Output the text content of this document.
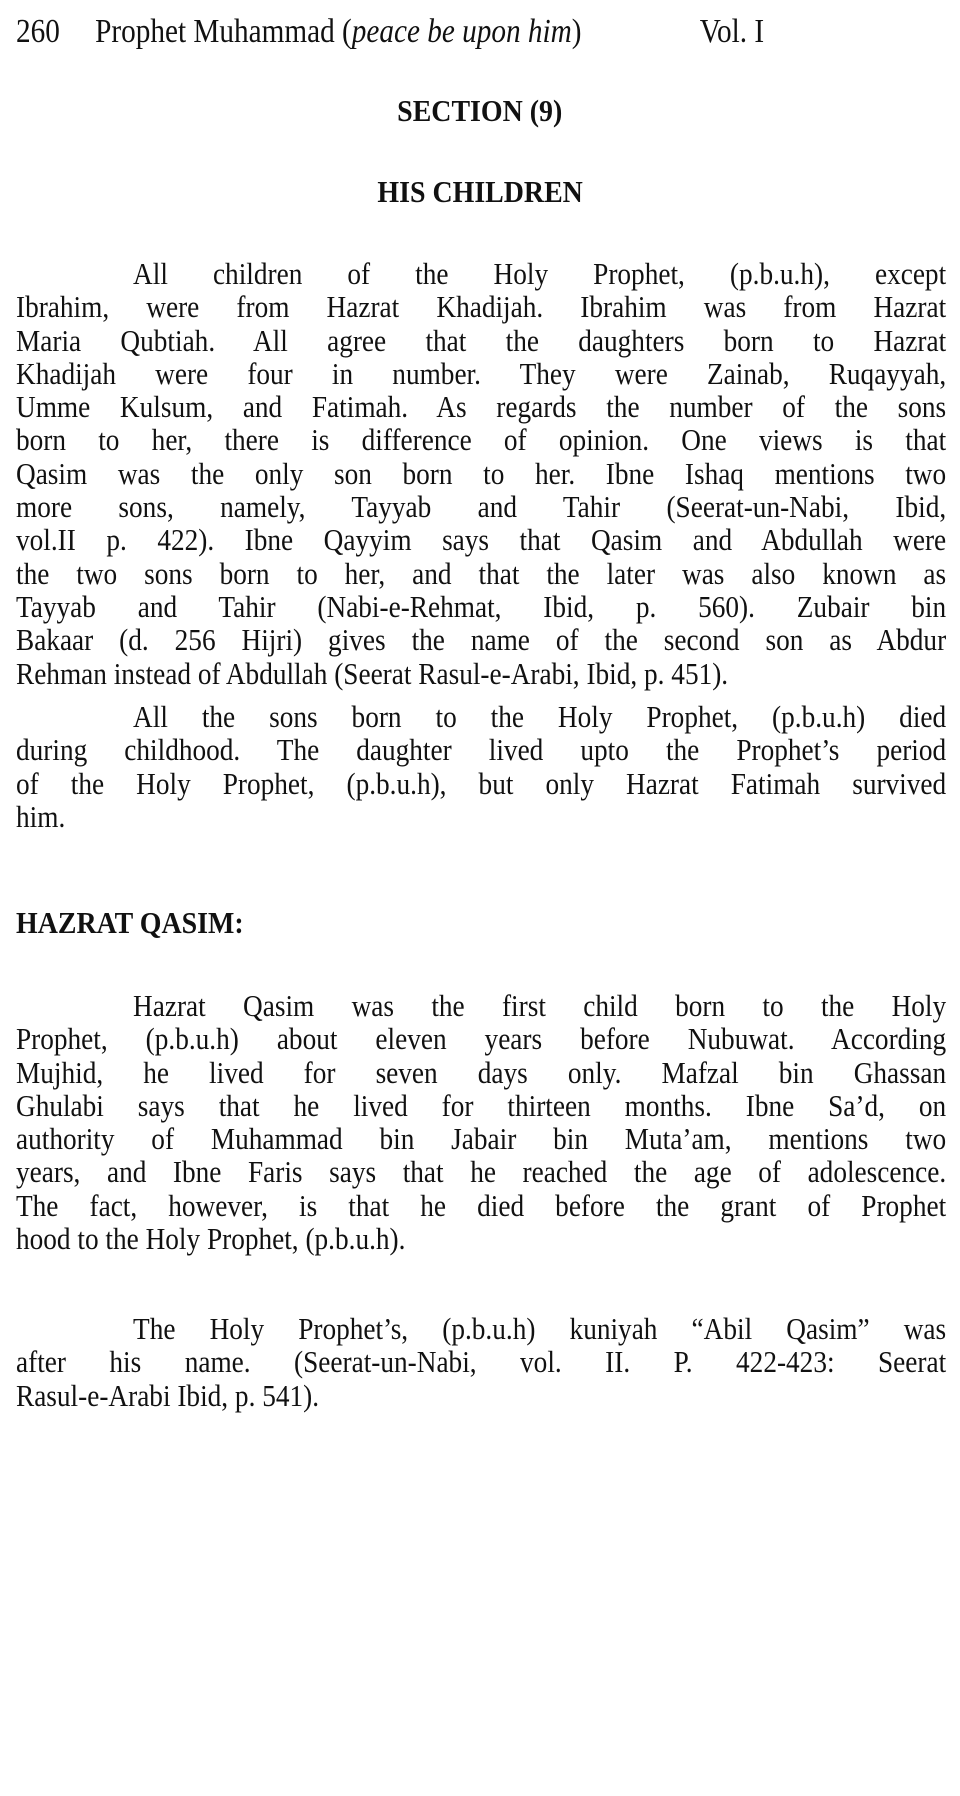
260 Prophet Muhammad (peace be upon him)	Vol. I
SECTION (9)
HIS CHILDREN
All children of the Holy Prophet, (p.b.u.h), except
Ibrahim, were from Hazrat Khadijah. Ibrahim was from Hazrat
Maria Qubtiah. All agree that the daughters born to Hazrat
Khadijah were four in number. They were Zainab, Ruqayyah,
Umme Kulsum, and Fatimah. As regards the number of the sons
born to her, there is difference of opinion. One views is that
Qasim was the only son born to her. Ibne Ishaq mentions two
more sons, namely, Tayyab and Tahir (Seerat-un-Nabi, Ibid,
vol.II p. 422). Ibne Qayyim says that Qasim and Abdullah were
the two sons born to her, and that the later was also known as
Tayyab and Tahir (Nabi-e-Rehmat, Ibid, p. 560). Zubair bin
Bakaar (d. 256 Hijri) gives the name of the second son as Abdur
Rehman instead of Abdullah (Seerat Rasul-e-Arabi, Ibid, p. 451).
All the sons born to the Holy Prophet, (p.b.u.h) died
during childhood. The daughter lived upto the Prophet’s period
of the Holy Prophet, (p.b.u.h), but only Hazrat Fatimah survived
him.
HAZRAT QASIM:
Hazrat Qasim was the first child born to the Holy
Prophet, (p.b.u.h) about eleven years before Nubuwat. According
Mujhid, he lived for seven days only. Mafzal bin Ghassan
Ghulabi says that he lived for thirteen months. Ibne Sa’d, on
authority of Muhammad bin Jabair bin Muta’am, mentions two
years, and Ibne Faris says that he reached the age of adolescence.
The fact, however, is that he died before the grant of Prophet
hood to the Holy Prophet, (p.b.u.h).
The Holy Prophet’s, (p.b.u.h) kuniyah “Abil Qasim” was
after his name. (Seerat-un-Nabi, vol. II. P. 422-423: Seerat
Rasul-e-Arabi Ibid, p. 541).
